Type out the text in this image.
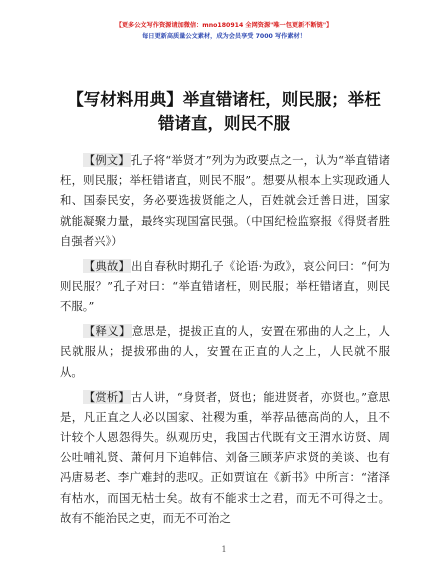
【更多公文写作资源请加微信：mno180914 全网资源"唯一包更新不断链"】
每日更新高质量公文素材，成为会员享受 7000 写作素材！
【写材料用典】举直错诸枉，则民服；举枉错诸直，则民不服

【例文】孔子将“举贤才”列为为政要点之一，认为“举直错诸枉，则民服；举枉错诸直，则民不服”。想要从根本上实现政通人和、国泰民安，务必要选拔贤能之人，百姓就会迁善日进，国家就能凝聚力量，最终实现国富民强。（中国纪检监察报《得贤者胜自强者兴》）

【典故】出自春秋时期孔子《论语·为政》，哀公问曰：“何为则民服？”孔子对曰：“举直错诸枉，则民服；举枉错诸直，则民不服。”

【释义】意思是，提拔正直的人，安置在邪曲的人之上，人民就服从；提拔邪曲的人，安置在正直的人之上，人民就不服从。

【赏析】古人讲，“身贤者，贤也；能进贤者，亦贤也。”意思是，凡正直之人必以国家、社稷为重，举荐品德高尚的人，且不计较个人恩怨得失。纵观历史，我国古代既有文王渭水访贤、周公吐哺礼贤、萧何月下追韩信、刘备三顾茅庐求贤的美谈、也有冯唐易老、李广难封的悲叹。正如贾谊在《新书》中所言：“渚泽有枯水，而国无枯士矣。故有不能求士之君，而无不可得之士。故有不能治民之吏，而无不可治之

1
